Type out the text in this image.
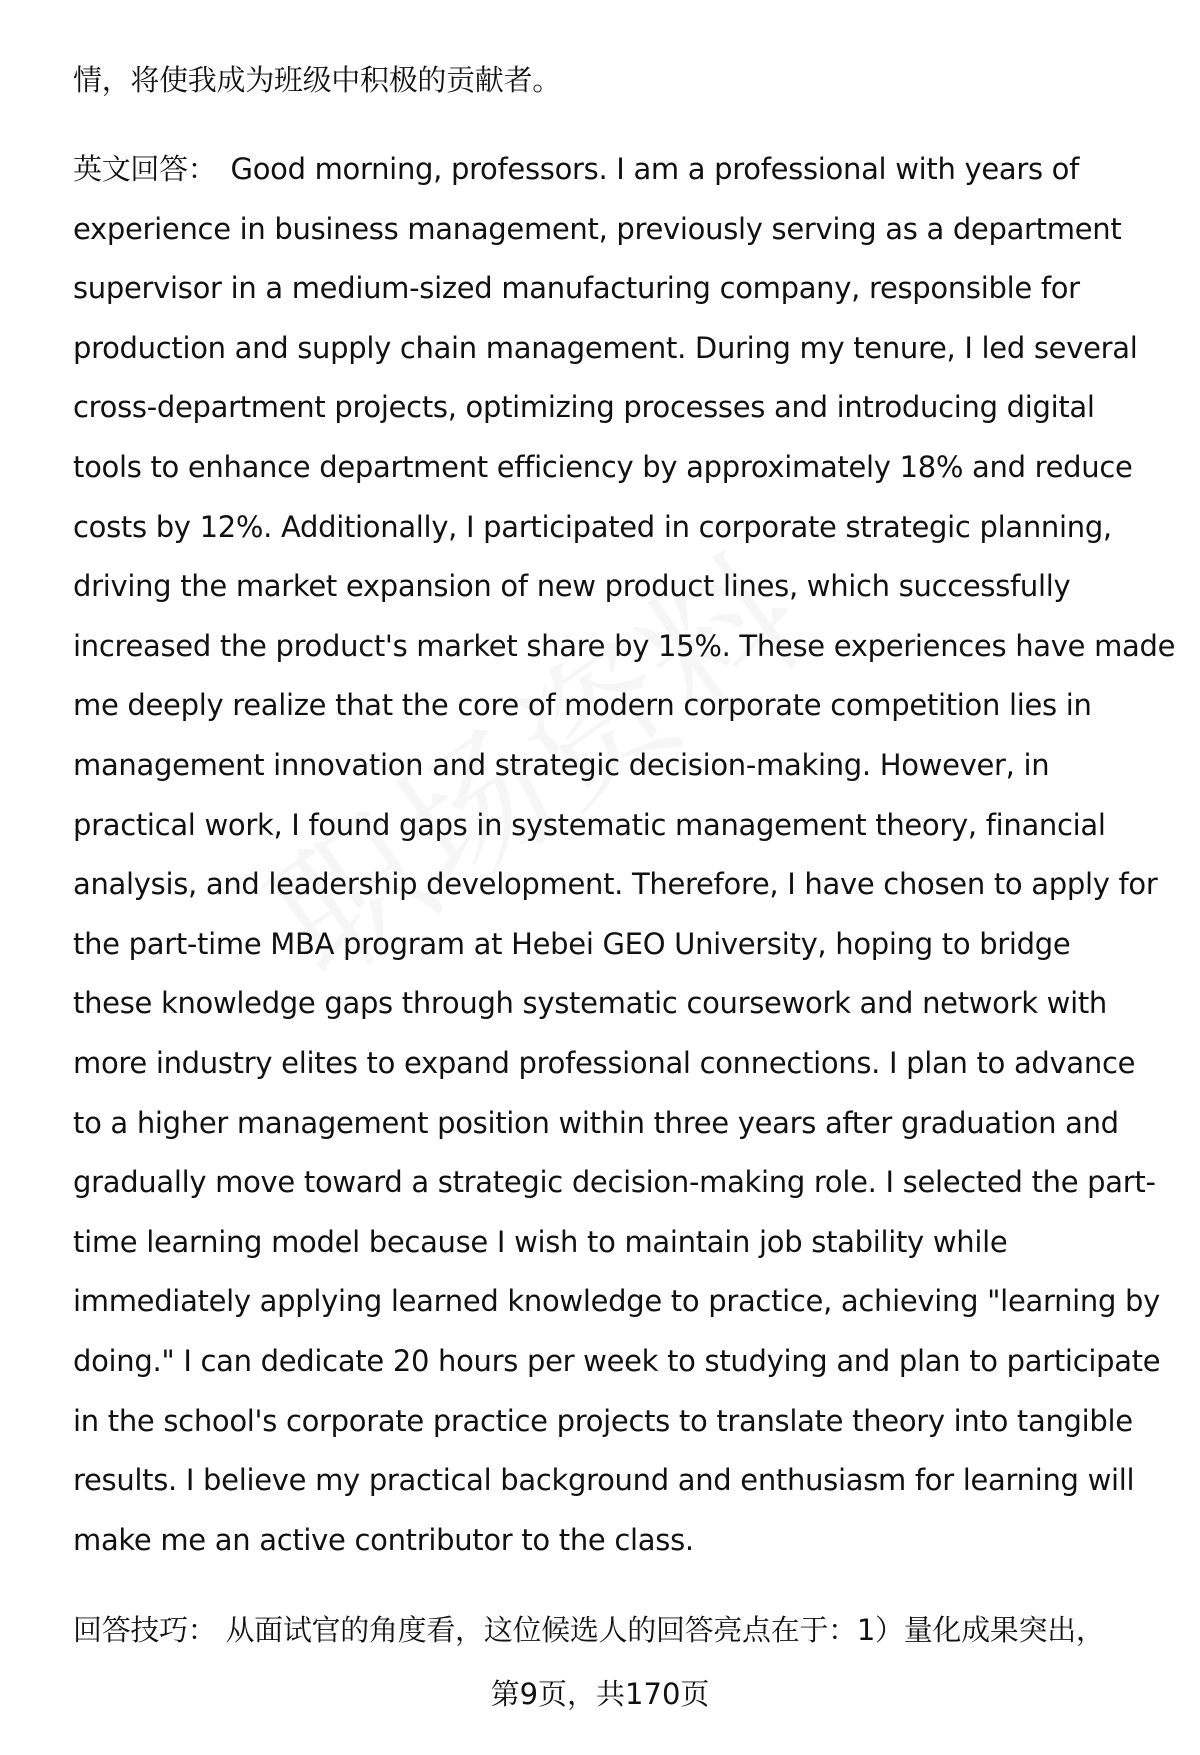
情，将使我成为班级中积极的贡献者。
英文回答： Good morning, professors. I am a professional with years of
experience in business management, previously serving as a department
supervisor in a medium-sized manufacturing company, responsible for
production and supply chain management. During my tenure, I led several
cross-department projects, optimizing processes and introducing digital
tools to enhance department efficiency by approximately 18% and reduce
costs by 12%. Additionally, I participated in corporate strategic planning,
driving the market expansion of new product lines, which successfully
increased the product's market share by 15%. These experiences have made
me deeply realize that the core of modern corporate competition lies in
management innovation and strategic decision-making. However, in
practical work, I found gaps in systematic management theory, financial
analysis, and leadership development. Therefore, I have chosen to apply for
the part-time MBA program at Hebei GEO University, hoping to bridge
these knowledge gaps through systematic coursework and network with
more industry elites to expand professional connections. I plan to advance
to a higher management position within three years after graduation and
gradually move toward a strategic decision-making role. I selected the part-
time learning model because I wish to maintain job stability while
immediately applying learned knowledge to practice, achieving "learning by
doing." I can dedicate 20 hours per week to studying and plan to participate
in the school's corporate practice projects to translate theory into tangible
results. I believe my practical background and enthusiasm for learning will
make me an active contributor to the class.
回答技巧： 从面试官的角度看，这位候选人的回答亮点在于：1）量化成果突出，
第9页，共170页
